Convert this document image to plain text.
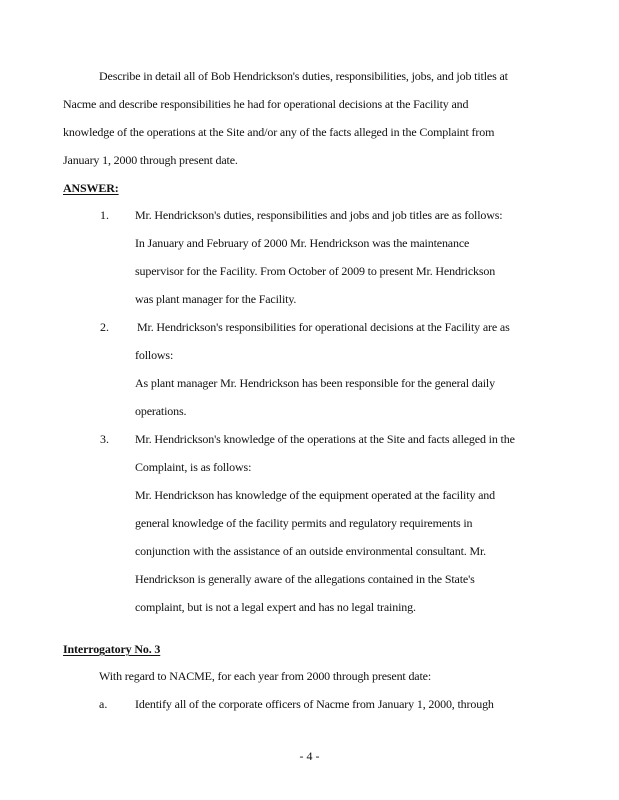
Describe in detail all of Bob Hendrickson's duties, responsibilities, jobs, and job titles at
Nacme and describe responsibilities he had for operational decisions at the Facility and
knowledge of the operations at the Site and/or any of the facts alleged in the Complaint from
January 1, 2000 through present date.
ANSWER:
1. Mr. Hendrickson's duties, responsibilities and jobs and job titles are as follows:
In January and February of 2000 Mr. Hendrickson was the maintenance
supervisor for the Facility. From October of 2009 to present Mr. Hendrickson
was plant manager for the Facility.
2. Mr. Hendrickson's responsibilities for operational decisions at the Facility are as
follows:
As plant manager Mr. Hendrickson has been responsible for the general daily
operations.
3. Mr. Hendrickson's knowledge of the operations at the Site and facts alleged in the
Complaint, is as follows:
Mr. Hendrickson has knowledge of the equipment operated at the facility and
general knowledge of the facility permits and regulatory requirements in
conjunction with the assistance of an outside environmental consultant. Mr.
Hendrickson is generally aware of the allegations contained in the State's
complaint, but is not a legal expert and has no legal training.
Interrogatory No. 3
With regard to NACME, for each year from 2000 through present date:
a. Identify all of the corporate officers of Nacme from January 1, 2000, through
- 4 -
